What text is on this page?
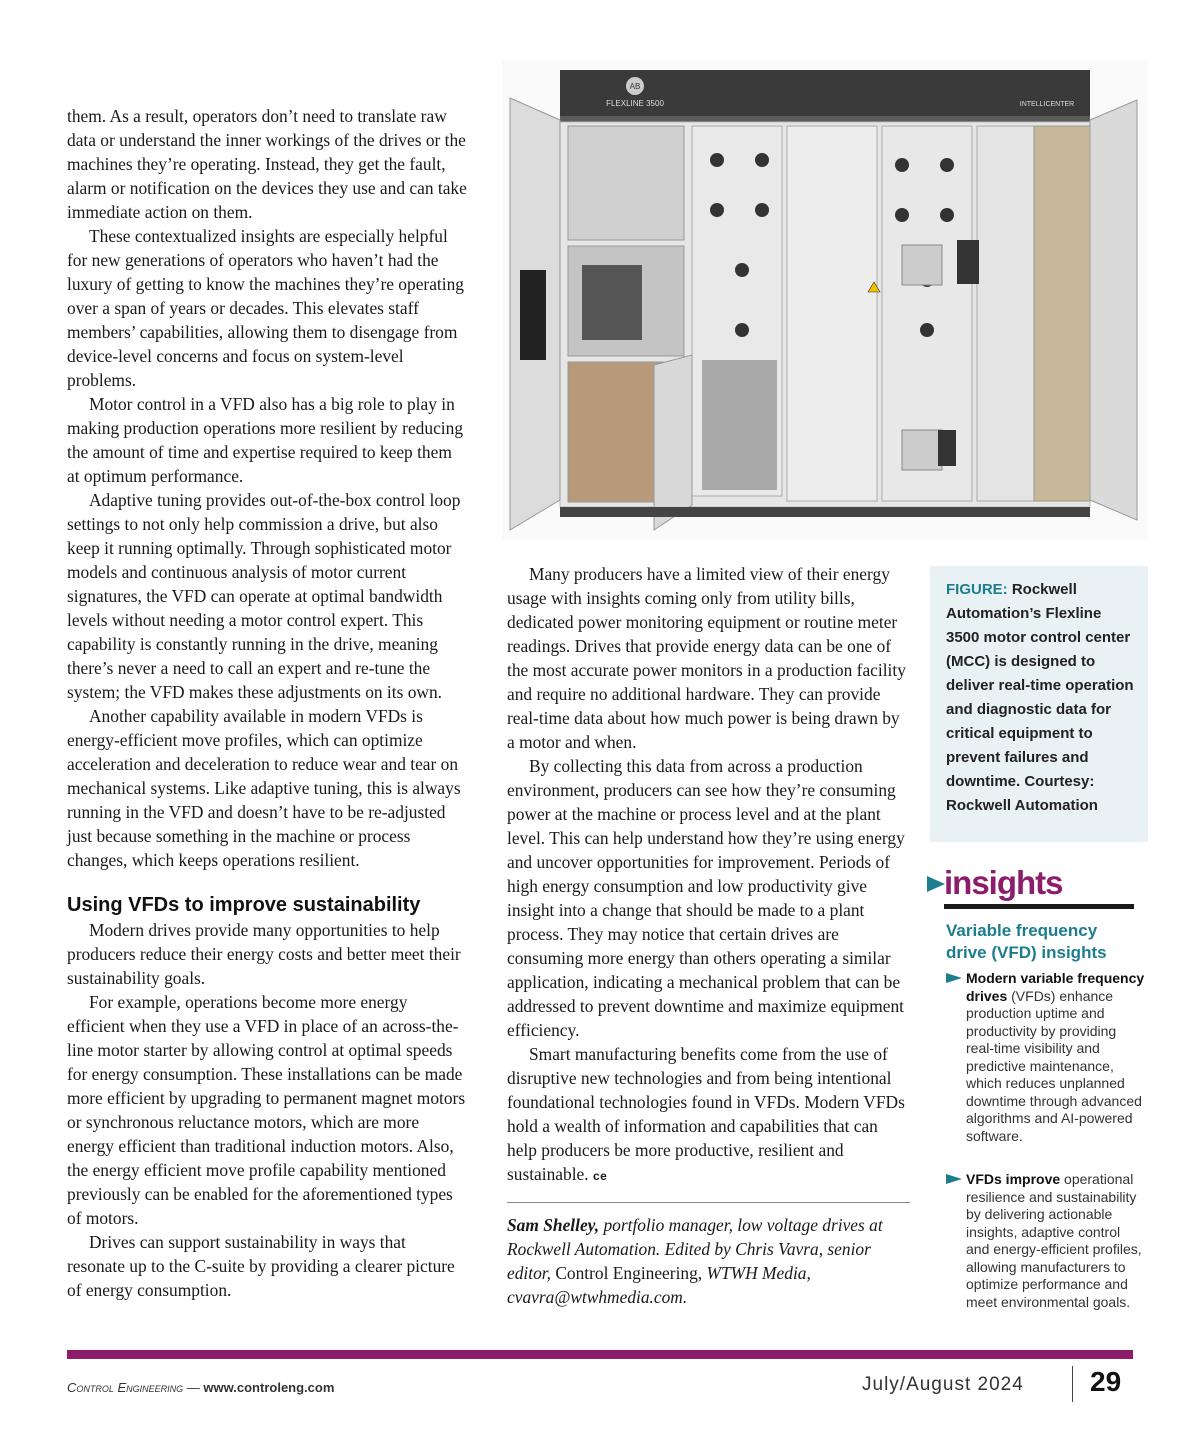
them. As a result, operators don’t need to translate raw data or understand the inner workings of the drives or the machines they’re operating. Instead, they get the fault, alarm or notification on the devices they use and can take immediate action on them.

These contextualized insights are especially helpful for new generations of operators who haven’t had the luxury of getting to know the machines they’re operating over a span of years or decades. This elevates staff members’ capabilities, allowing them to disengage from device-level concerns and focus on system-level problems.

Motor control in a VFD also has a big role to play in making production operations more resilient by reducing the amount of time and expertise required to keep them at optimum performance.

Adaptive tuning provides out-of-the-box control loop settings to not only help commission a drive, but also keep it running optimally. Through sophisticated motor models and continuous analysis of motor current signatures, the VFD can operate at optimal bandwidth levels without needing a motor control expert. This capability is constantly running in the drive, meaning there’s never a need to call an expert and re-tune the system; the VFD makes these adjustments on its own.

Another capability available in modern VFDs is energy-efficient move profiles, which can optimize acceleration and deceleration to reduce wear and tear on mechanical systems. Like adaptive tuning, this is always running in the VFD and doesn’t have to be re-adjusted just because something in the machine or process changes, which keeps operations resilient.

Using VFDs to improve sustainability

Modern drives provide many opportunities to help producers reduce their energy costs and better meet their sustainability goals.

For example, operations become more energy efficient when they use a VFD in place of an across-the-line motor starter by allowing control at optimal speeds for energy consumption. These installations can be made more efficient by upgrading to permanent magnet motors or synchronous reluctance motors, which are more energy efficient than traditional induction motors. Also, the energy efficient move profile capability mentioned previously can be enabled for the aforementioned types of motors.

Drives can support sustainability in ways that resonate up to the C-suite by providing a clearer picture of energy consumption.

AB
FLEXLINE 3500	INTELLICENTER

Many producers have a limited view of their energy usage with insights coming only from utility bills, dedicated power monitoring equipment or routine meter readings. Drives that provide energy data can be one of the most accurate power monitors in a production facility and require no additional hardware. They can provide real-time data about how much power is being drawn by a motor and when.

By collecting this data from across a production environment, producers can see how they’re consuming power at the machine or process level and at the plant level. This can help understand how they’re using energy and uncover opportunities for improvement. Periods of high energy consumption and low productivity give insight into a change that should be made to a plant process. They may notice that certain drives are consuming more energy than others operating a similar application, indicating a mechanical problem that can be addressed to prevent downtime and maximize equipment efficiency.

Smart manufacturing benefits come from the use of disruptive new technologies and from being intentional foundational technologies found in VFDs. Modern VFDs hold a wealth of information and capabilities that can help producers be more productive, resilient and sustainable. ce

Sam Shelley, portfolio manager, low voltage drives at Rockwell Automation. Edited by Chris Vavra, senior editor, Control Engineering, WTWH Media, cvavra@wtwhmedia.com.

FIGURE: Rockwell Automation’s Flexline 3500 motor control center (MCC) is designed to deliver real-time operation and diagnostic data for critical equipment to prevent failures and downtime. Courtesy: Rockwell Automation
insights
Variable frequency drive (VFD) insights
Modern variable frequency drives (VFDs) enhance production uptime and productivity by providing real-time visibility and predictive maintenance, which reduces unplanned downtime through advanced algorithms and AI-powered software.
VFDs improve operational resilience and sustainability by delivering actionable insights, adaptive control and energy-efficient profiles, allowing manufacturers to optimize performance and meet environmental goals.
Control Engineering — www.controleng.com	July/August 2024 29
